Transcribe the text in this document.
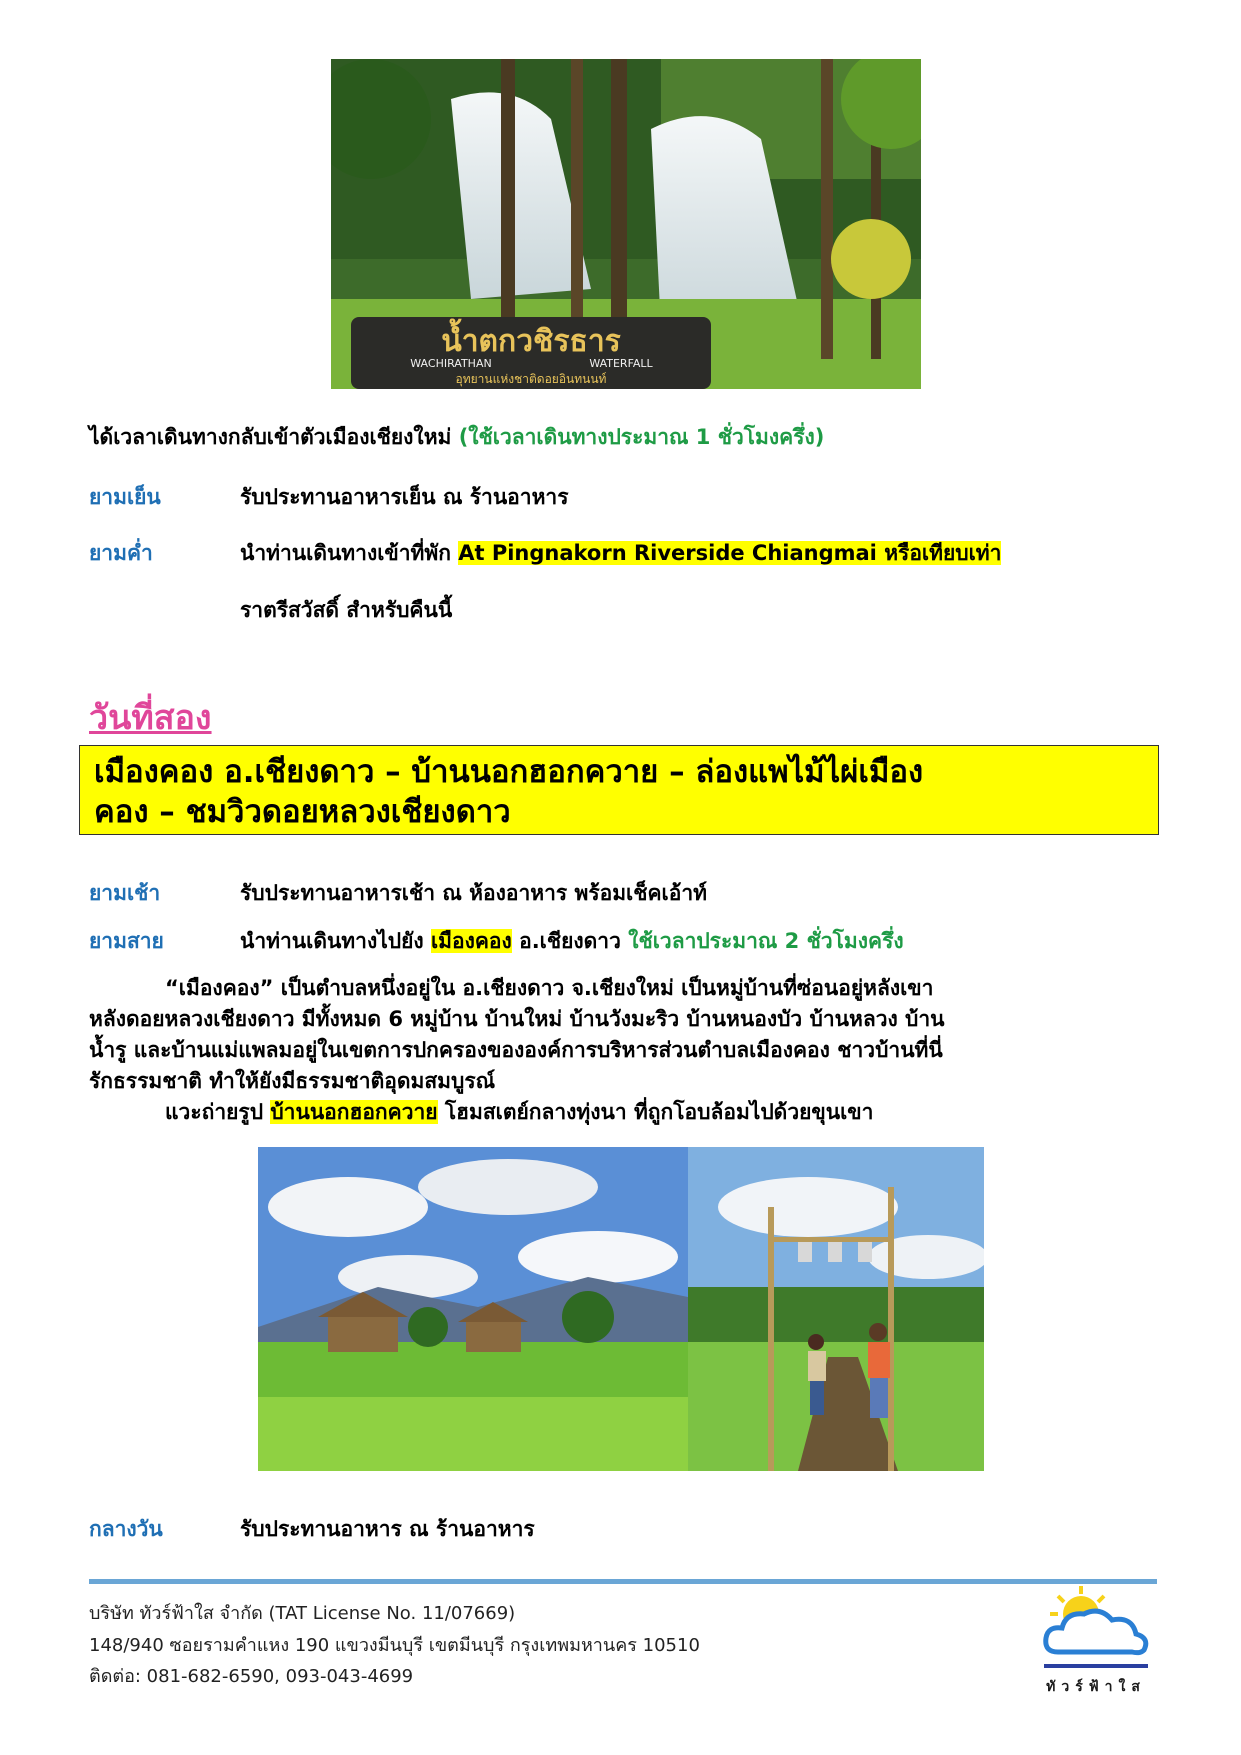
น้ำตกวชิรธาร
WACHIRATHAN	WATERFALL
อุทยานแห่งชาติดอยอินทนนท์
ได้เวลาเดินทางกลับเข้าตัวเมืองเชียงใหม่ (ใช้เวลาเดินทางประมาณ 1 ชั่วโมงครึ่ง)
ยามเย็น	รับประทานอาหารเย็น ณ ร้านอาหาร
ยามค่ำ	นำท่านเดินทางเข้าที่พัก At Pingnakorn Riverside Chiangmai หรือเทียบเท่า
ราตรีสวัสดิ์ สำหรับคืนนี้
วันที่สอง
เมืองคอง อ.เชียงดาว – บ้านนอกฮอกควาย – ล่องแพไม้ไผ่เมือง
คอง – ชมวิวดอยหลวงเชียงดาว
ยามเช้า	รับประทานอาหารเช้า ณ ห้องอาหาร พร้อมเช็คเอ้าท์
ยามสาย	นำท่านเดินทางไปยัง เมืองคอง อ.เชียงดาว ใช้เวลาประมาณ 2 ชั่วโมงครึ่ง
“เมืองคอง” เป็นตำบลหนึ่งอยู่ใน อ.เชียงดาว จ.เชียงใหม่ เป็นหมู่บ้านที่ซ่อนอยู่หลังเขา
หลังดอยหลวงเชียงดาว มีทั้งหมด 6 หมู่บ้าน บ้านใหม่ บ้านวังมะริว บ้านหนองบัว บ้านหลวง บ้าน
น้ำรู และบ้านแม่แพลมอยู่ในเขตการปกครองขององค์การบริหารส่วนตำบลเมืองคอง ชาวบ้านที่นี่
รักธรรมชาติ ทำให้ยังมีธรรมชาติอุดมสมบูรณ์
แวะถ่ายรูป บ้านนอกฮอกควาย โฮมสเตย์กลางทุ่งนา ที่ถูกโอบล้อมไปด้วยขุนเขา
กลางวัน	รับประทานอาหาร ณ ร้านอาหาร
บริษัท ทัวร์ฟ้าใส จำกัด (TAT License No. 11/07669)
148/940 ซอยรามคำแหง 190 แขวงมีนบุรี เขตมีนบุรี กรุงเทพมหานคร 10510
ติดต่อ: 081-682-6590, 093-043-4699	ทัวร์ฟ้าใส
